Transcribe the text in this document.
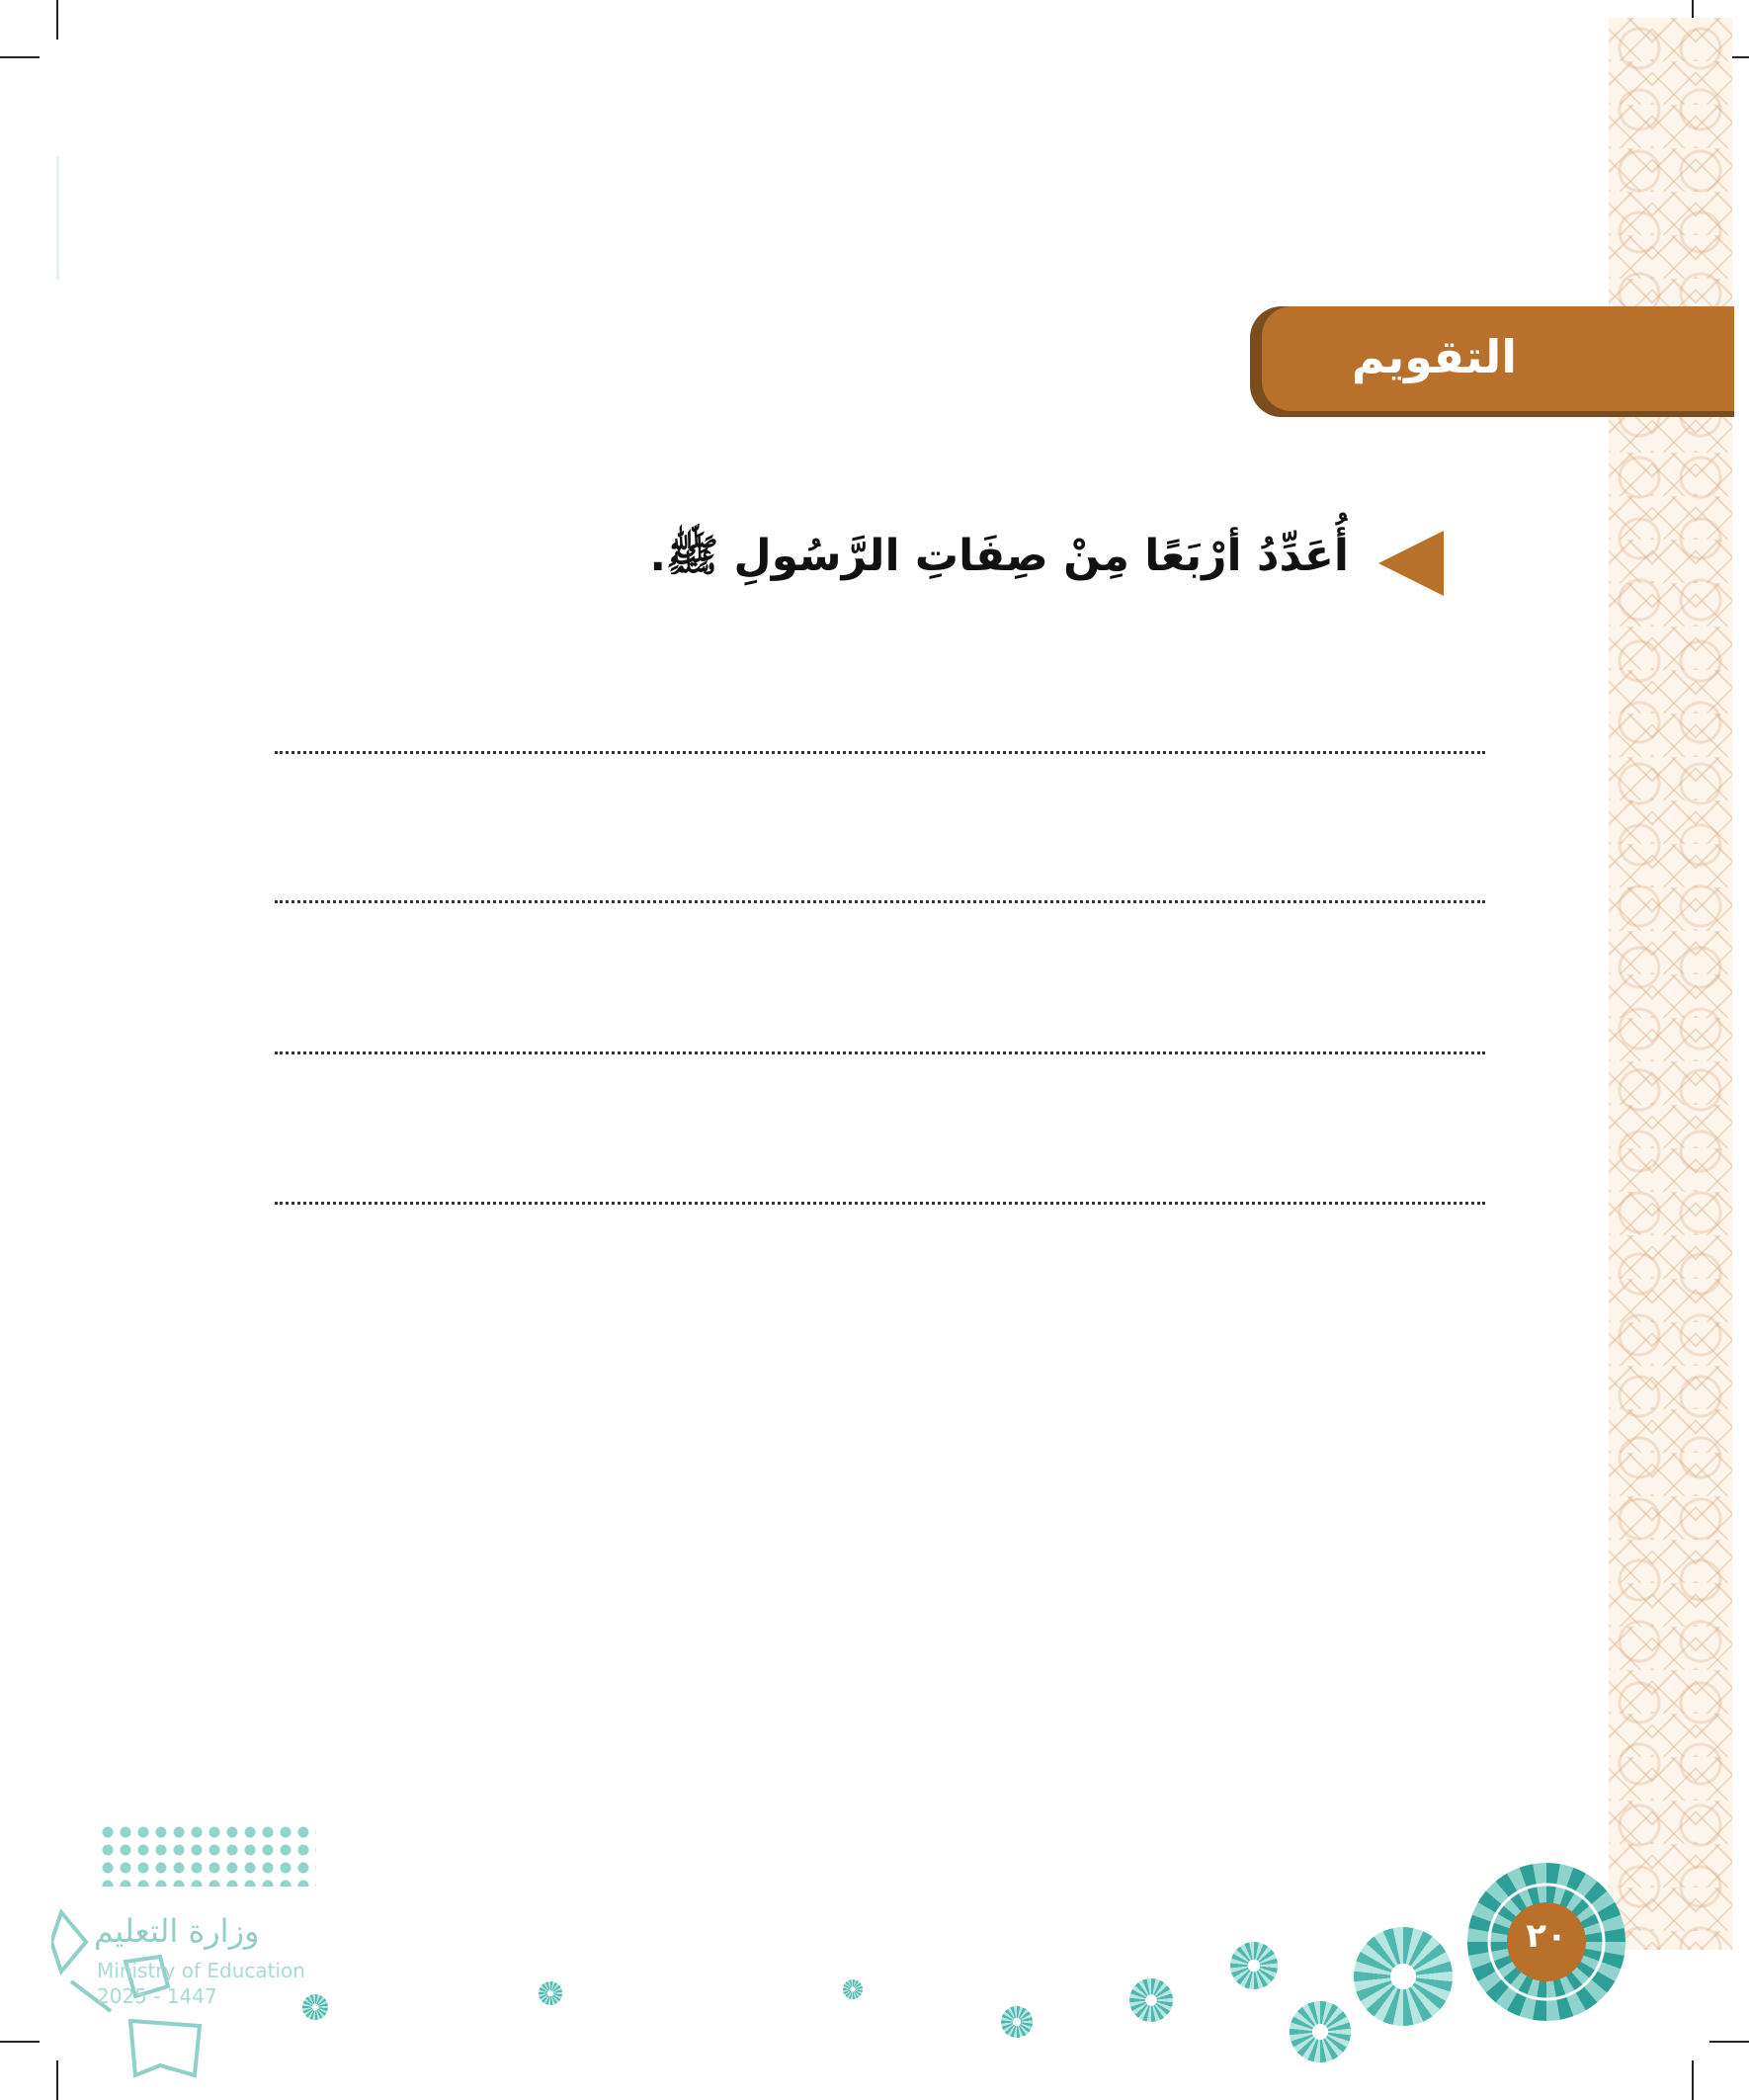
التقويم
أُعَدِّدُ أرْبَعًا مِنْ صِفَاتِ الرَّسُولِ ﷺ.
٢٠
وزارة التعليم
Ministry of Education
2025 - 1447
